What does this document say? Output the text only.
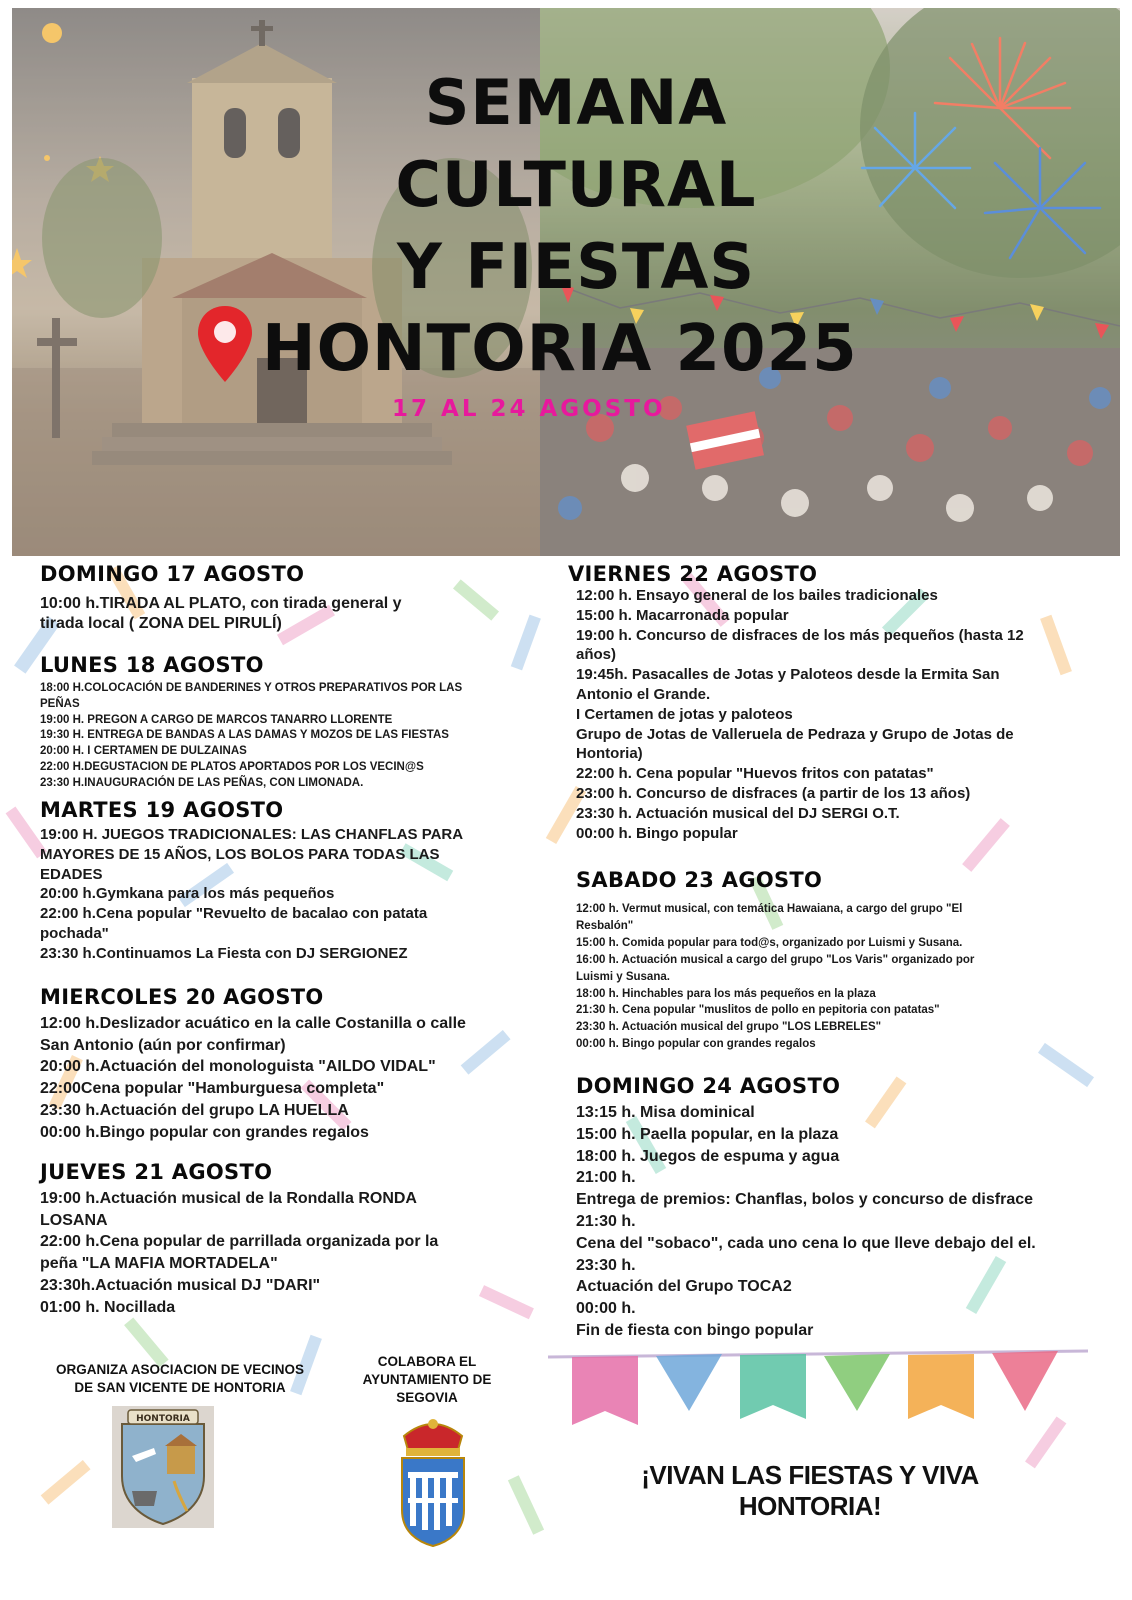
SEMANA
CULTURAL
Y FIESTAS
HONTORIA 2025
17 AL 24 AGOSTO
DOMINGO 17 AGOSTO
10:00 h.TIRADA AL PLATO, con tirada general y
tirada local ( ZONA DEL PIRULÍ)
LUNES 18 AGOSTO
18:00 H.COLOCACIÓN DE BANDERINES Y OTROS PREPARATIVOS POR LAS
PEÑAS
19:00 H. PREGON A CARGO DE MARCOS TANARRO LLORENTE
19:30 H. ENTREGA DE BANDAS A LAS DAMAS Y MOZOS DE LAS FIESTAS
20:00 H. I CERTAMEN DE DULZAINAS
22:00 H.DEGUSTACION DE PLATOS APORTADOS POR LOS VECIN@S
23:30 H.INAUGURACIÓN DE LAS PEÑAS, CON LIMONADA.
MARTES 19 AGOSTO
19:00 H. JUEGOS TRADICIONALES: LAS CHANFLAS PARA
MAYORES DE 15 AÑOS, LOS BOLOS PARA TODAS LAS
EDADES
20:00 h.Gymkana para los más pequeños
22:00 h.Cena popular "Revuelto de bacalao con patata
pochada"
23:30 h.Continuamos La Fiesta con DJ SERGIONEZ
MIERCOLES 20 AGOSTO
12:00 h.Deslizador acuático en la calle Costanilla o calle
San Antonio (aún por confirmar)
20:00 h.Actuación del monologuista "AILDO VIDAL"
22:00Cena popular "Hamburguesa completa"
23:30 h.Actuación del grupo LA HUELLA
00:00 h.Bingo popular con grandes regalos
JUEVES 21 AGOSTO
19:00 h.Actuación musical de la Rondalla RONDA
LOSANA
22:00 h.Cena popular de parrillada organizada por la
peña "LA MAFIA MORTADELA"
23:30h.Actuación musical DJ "DARI"
01:00 h. Nocillada
VIERNES 22 AGOSTO
12:00 h. Ensayo general de los bailes tradicionales
15:00 h. Macarronada popular
19:00 h. Concurso de disfraces de los más pequeños (hasta 12
años)
19:45h. Pasacalles de Jotas y Paloteos desde la Ermita San
Antonio el Grande.
I Certamen de jotas y paloteos
Grupo de Jotas de Valleruela de Pedraza y Grupo de Jotas de
Hontoria)
22:00 h. Cena popular "Huevos fritos con patatas"
23:00 h. Concurso de disfraces (a partir de los 13 años)
23:30 h. Actuación musical del DJ SERGI O.T.
00:00 h. Bingo popular
SABADO 23 AGOSTO
12:00 h. Vermut musical, con temática Hawaiana, a cargo del grupo "El
Resbalón"
15:00 h. Comida popular para tod@s, organizado por Luismi y Susana.
16:00 h. Actuación musical a cargo del grupo "Los Varis" organizado por
Luismi y Susana.
18:00 h. Hinchables para los más pequeños en la plaza
21:30 h. Cena popular "muslitos de pollo en pepitoria con patatas"
23:30 h. Actuación musical del grupo "LOS LEBRELES"
00:00 h. Bingo popular con grandes regalos
DOMINGO 24 AGOSTO
13:15 h. Misa dominical
15:00 h. Paella popular, en la plaza
18:00 h. Juegos de espuma y agua
21:00 h.
Entrega de premios: Chanflas, bolos y concurso de disfrace
21:30 h.
Cena del "sobaco", cada uno cena lo que lleve debajo del el.
23:30 h.
Actuación del Grupo TOCA2
00:00 h.
Fin de fiesta con bingo popular
ORGANIZA ASOCIACION DE VECINOS
DE SAN VICENTE DE HONTORIA
HONTORIA
COLABORA EL
AYUNTAMIENTO DE
SEGOVIA
¡VIVAN LAS FIESTAS Y VIVA HONTORIA!
